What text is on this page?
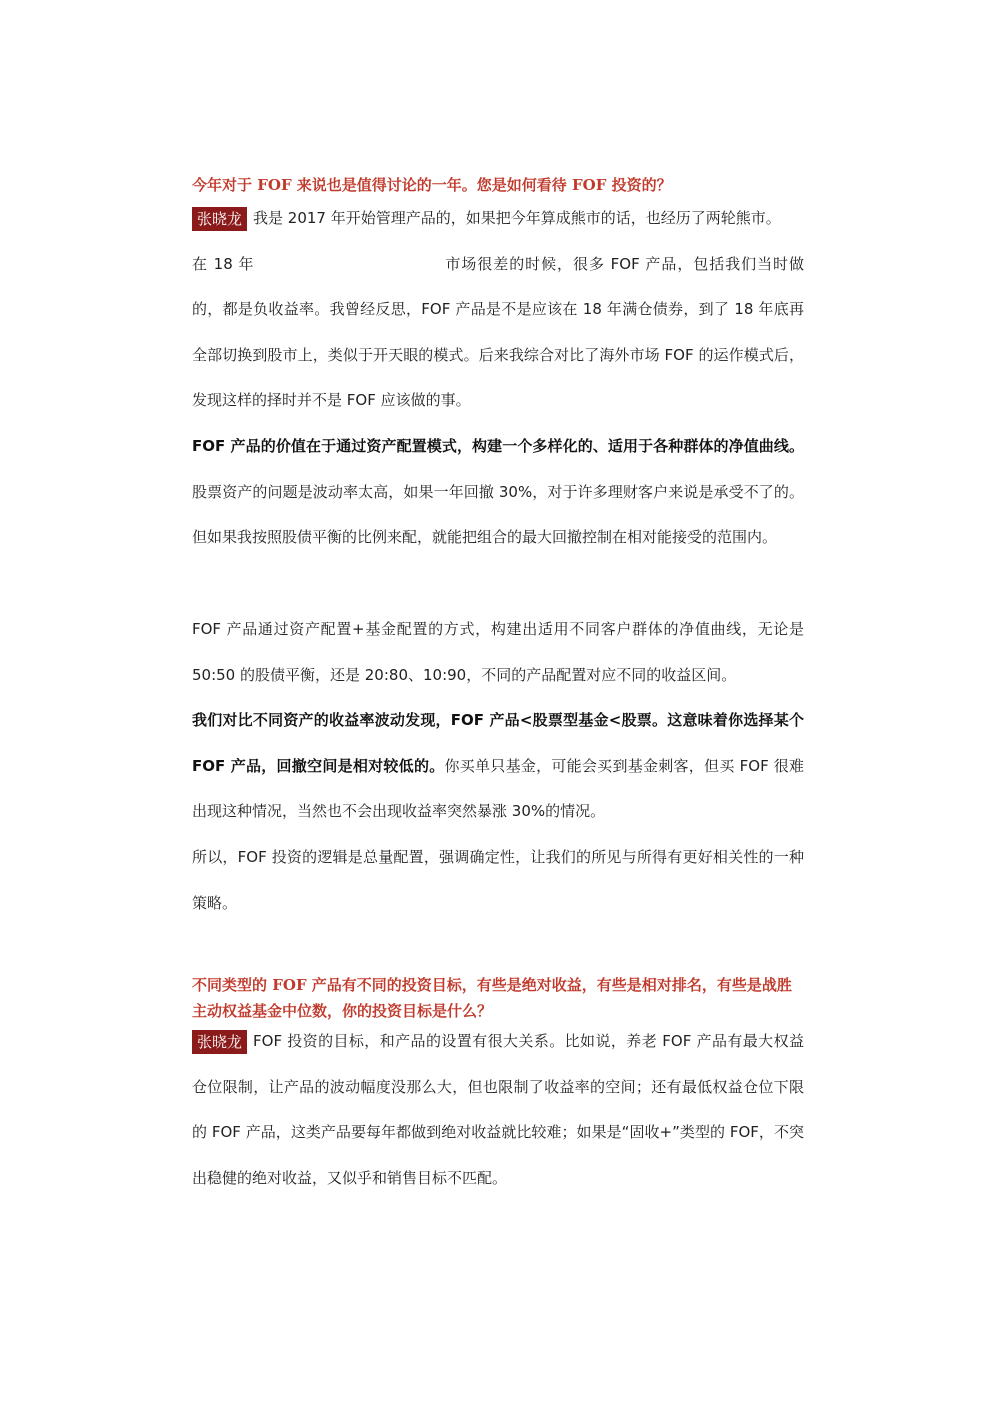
今年对于 FOF 来说也是值得讨论的一年。您是如何看待 FOF 投资的？
张晓龙 我是 2017 年开始管理产品的，如果把今年算成熊市的话，也经历了两轮熊市。
在 18 年	市场很差的时候，很多 FOF 产品，包括我们当时做的，都是负收益率。我曾经反思，FOF 产品是不是应该在 18 年满仓债券，到了 18 年底再全部切换到股市上，类似于开天眼的模式。后来我综合对比了海外市场 FOF 的运作模式后，发现这样的择时并不是 FOF 应该做的事。
FOF 产品的价值在于通过资产配置模式，构建一个多样化的、适用于各种群体的净值曲线。股票资产的问题是波动率太高，如果一年回撤 30%，对于许多理财客户来说是承受不了的。但如果我按照股债平衡的比例来配，就能把组合的最大回撤控制在相对能接受的范围内。
FOF 产品通过资产配置+基金配置的方式，构建出适用不同客户群体的净值曲线，无论是 50:50 的股债平衡，还是 20:80、10:90，不同的产品配置对应不同的收益区间。
我们对比不同资产的收益率波动发现，FOF 产品<股票型基金<股票。这意味着你选择某个 FOF 产品，回撤空间是相对较低的。你买单只基金，可能会买到基金刺客，但买 FOF 很难出现这种情况，当然也不会出现收益率突然暴涨 30%的情况。
所以，FOF 投资的逻辑是总量配置，强调确定性，让我们的所见与所得有更好相关性的一种策略。
不同类型的 FOF 产品有不同的投资目标，有些是绝对收益，有些是相对排名，有些是战胜主动权益基金中位数，你的投资目标是什么？
张晓龙 FOF 投资的目标，和产品的设置有很大关系。比如说，养老 FOF 产品有最大权益仓位限制，让产品的波动幅度没那么大，但也限制了收益率的空间；还有最低权益仓位下限的 FOF 产品，这类产品要每年都做到绝对收益就比较难；如果是“固收+”类型的 FOF，不突出稳健的绝对收益，又似乎和销售目标不匹配。
